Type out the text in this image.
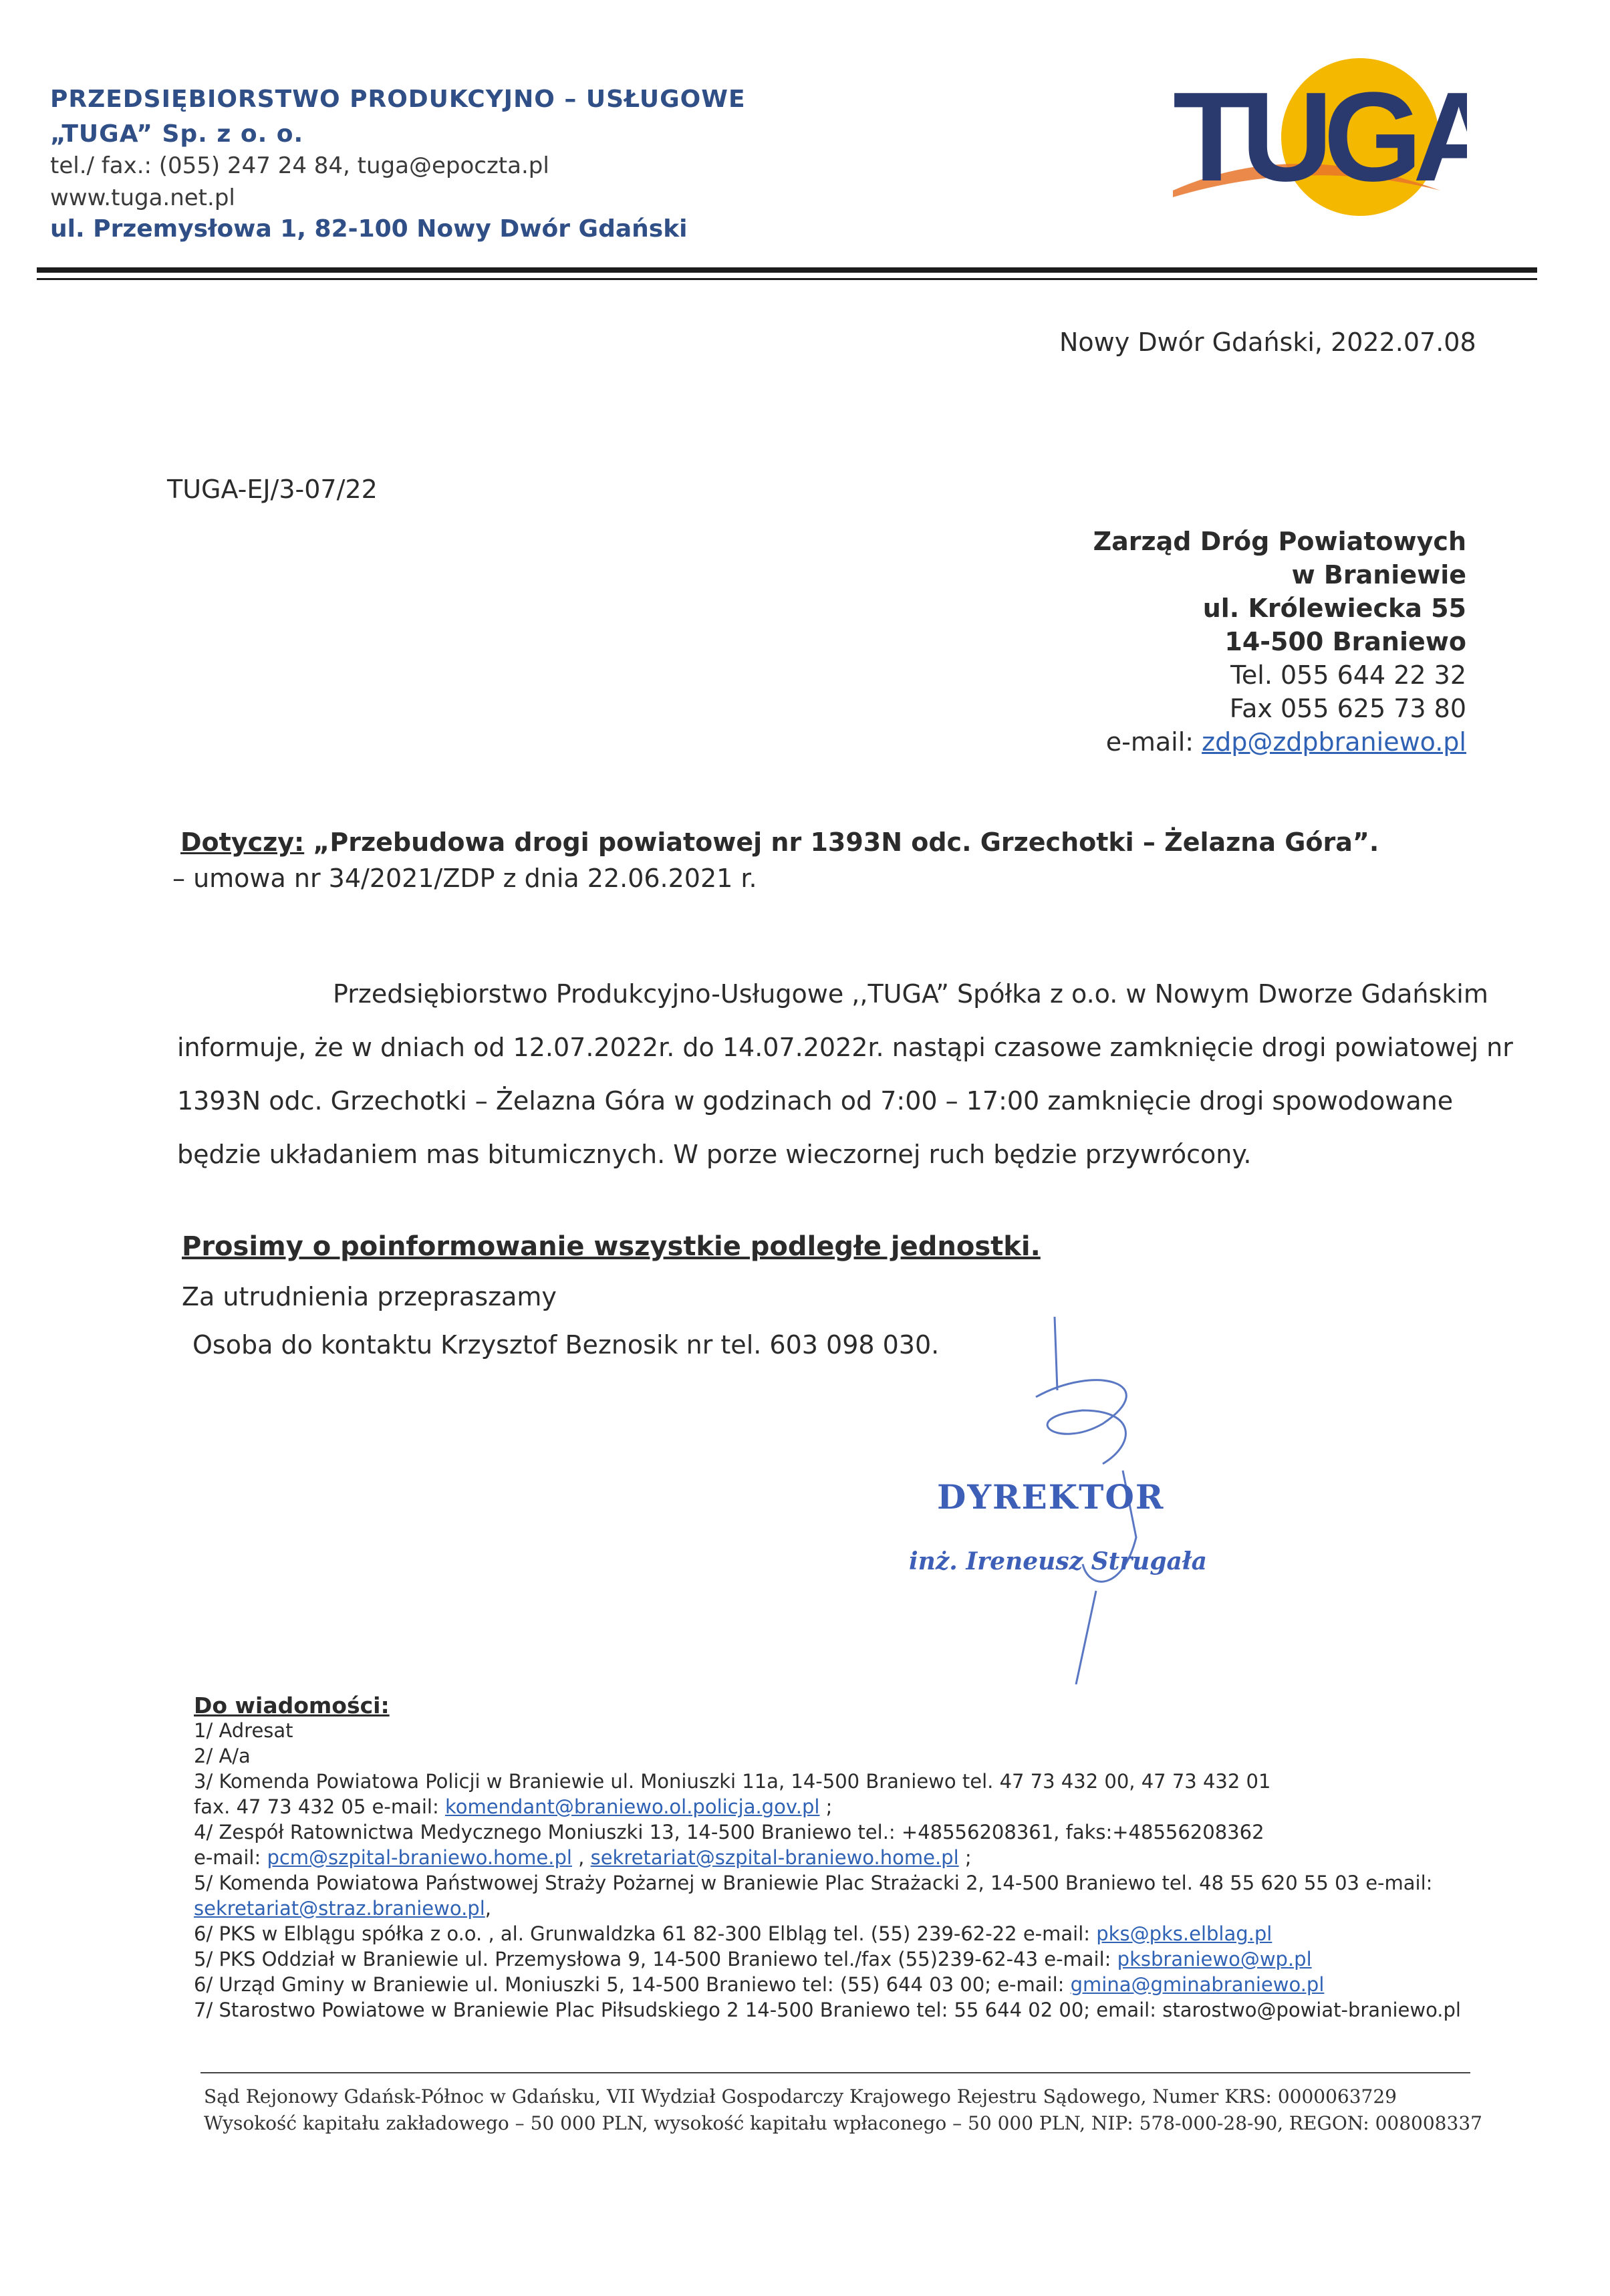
PRZEDSIĘBIORSTWO PRODUKCYJNO – USŁUGOWE
„TUGA” Sp. z o. o.
tel./ fax.: (055) 247 24 84, tuga@epoczta.pl
www.tuga.net.pl
ul. Przemysłowa 1, 82-100 Nowy Dwór Gdański
TUGA
Nowy Dwór Gdański, 2022.07.08
TUGA-EJ/3-07/22
Zarząd Dróg Powiatowych
w Braniewie
ul. Królewiecka 55
14-500 Braniewo
Tel. 055 644 22 32
Fax 055 625 73 80
e-mail: zdp@zdpbraniewo.pl
Dotyczy: „Przebudowa drogi powiatowej nr 1393N odc. Grzechotki – Żelazna Góra”.
– umowa nr 34/2021/ZDP z dnia 22.06.2021 r.
Przedsiębiorstwo Produkcyjno-Usługowe ,,TUGA” Spółka z o.o. w Nowym Dworze Gdańskim
informuje, że w dniach od 12.07.2022r. do 14.07.2022r. nastąpi czasowe zamknięcie drogi powiatowej nr
1393N odc. Grzechotki – Żelazna Góra w godzinach od 7:00 – 17:00 zamknięcie drogi spowodowane
będzie układaniem mas bitumicznych. W porze wieczornej ruch będzie przywrócony.
Prosimy o poinformowanie wszystkie podległe jednostki.
Za utrudnienia przepraszamy
Osoba do kontaktu Krzysztof Beznosik nr tel. 603 098 030.
DYREKTOR
inż. Ireneusz Strugała
Do wiadomości:
1/ Adresat
2/ A/a
3/ Komenda Powiatowa Policji w Braniewie ul. Moniuszki 11a, 14-500 Braniewo tel. 47 73 432 00, 47 73 432 01
fax. 47 73 432 05 e-mail: komendant@braniewo.ol.policja.gov.pl ;
4/ Zespół Ratownictwa Medycznego Moniuszki 13, 14-500 Braniewo tel.: +48556208361, faks:+48556208362
e-mail: pcm@szpital-braniewo.home.pl , sekretariat@szpital-braniewo.home.pl ;
5/ Komenda Powiatowa Państwowej Straży Pożarnej w Braniewie Plac Strażacki 2, 14-500 Braniewo tel. 48 55 620 55 03 e-mail:
sekretariat@straz.braniewo.pl,
6/ PKS w Elblągu spółka z o.o. , al. Grunwaldzka 61 82-300 Elbląg tel. (55) 239-62-22 e-mail: pks@pks.elblag.pl
5/ PKS Oddział w Braniewie ul. Przemysłowa 9, 14-500 Braniewo tel./fax (55)239-62-43 e-mail: pksbraniewo@wp.pl
6/ Urząd Gminy w Braniewie ul. Moniuszki 5, 14-500 Braniewo tel: (55) 644 03 00; e-mail: gmina@gminabraniewo.pl
7/ Starostwo Powiatowe w Braniewie Plac Piłsudskiego 2 14-500 Braniewo tel: 55 644 02 00; email: starostwo@powiat-braniewo.pl
Sąd Rejonowy Gdańsk-Północ w Gdańsku, VII Wydział Gospodarczy Krajowego Rejestru Sądowego, Numer KRS: 0000063729
Wysokość kapitału zakładowego – 50 000 PLN, wysokość kapitału wpłaconego – 50 000 PLN, NIP: 578-000-28-90, REGON: 008008337
